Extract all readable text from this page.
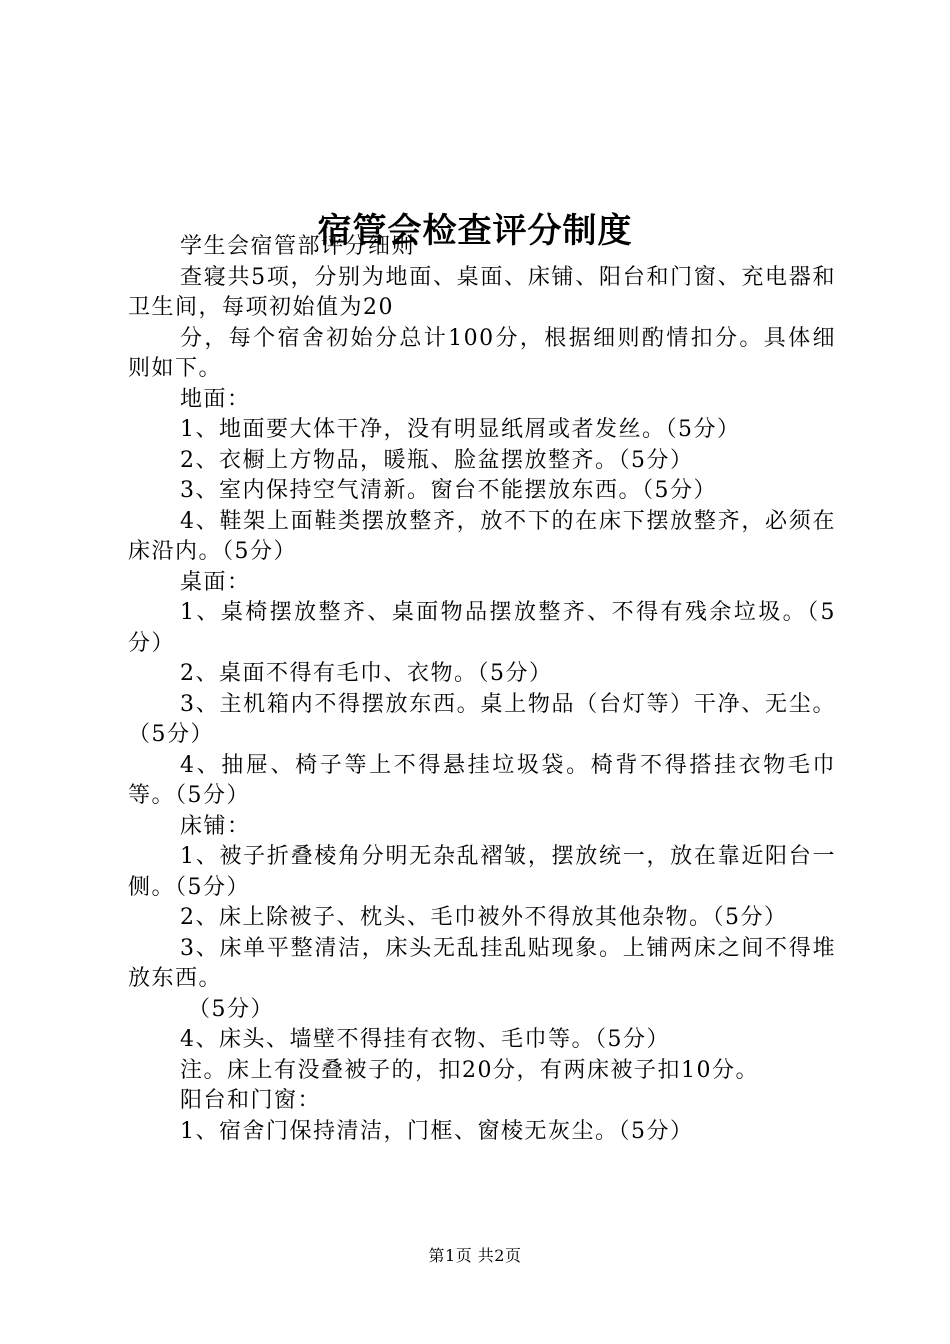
宿管会检查评分制度

学生会宿管部评分细则

查寝共5项，分别为地面、桌面、床铺、阳台和门窗、充电器和卫生间，每项初始值为20

分，每个宿舍初始分总计100分，根据细则酌情扣分。具体细则如下。

地面：

1、地面要大体干净，没有明显纸屑或者发丝。（5分）

2、衣橱上方物品，暖瓶、脸盆摆放整齐。（5分）

3、室内保持空气清新。窗台不能摆放东西。（5分）

4、鞋架上面鞋类摆放整齐，放不下的在床下摆放整齐，必须在床沿内。（5分）

桌面：

1、桌椅摆放整齐、桌面物品摆放整齐、不得有残余垃圾。（5分）

2、桌面不得有毛巾、衣物。（5分）

3、主机箱内不得摆放东西。桌上物品（台灯等）干净、无尘。（5分）

4、抽屉、椅子等上不得悬挂垃圾袋。椅背不得搭挂衣物毛巾等。（5分）

床铺：

1、被子折叠棱角分明无杂乱褶皱，摆放统一，放在靠近阳台一侧。（5分）

2、床上除被子、枕头、毛巾被外不得放其他杂物。（5分）

3、床单平整清洁，床头无乱挂乱贴现象。上铺两床之间不得堆放东西。

（5分）

4、床头、墙壁不得挂有衣物、毛巾等。（5分）

注。床上有没叠被子的，扣20分，有两床被子扣10分。

阳台和门窗：

1、宿舍门保持清洁，门框、窗棱无灰尘。（5分）

第1页 共2页
